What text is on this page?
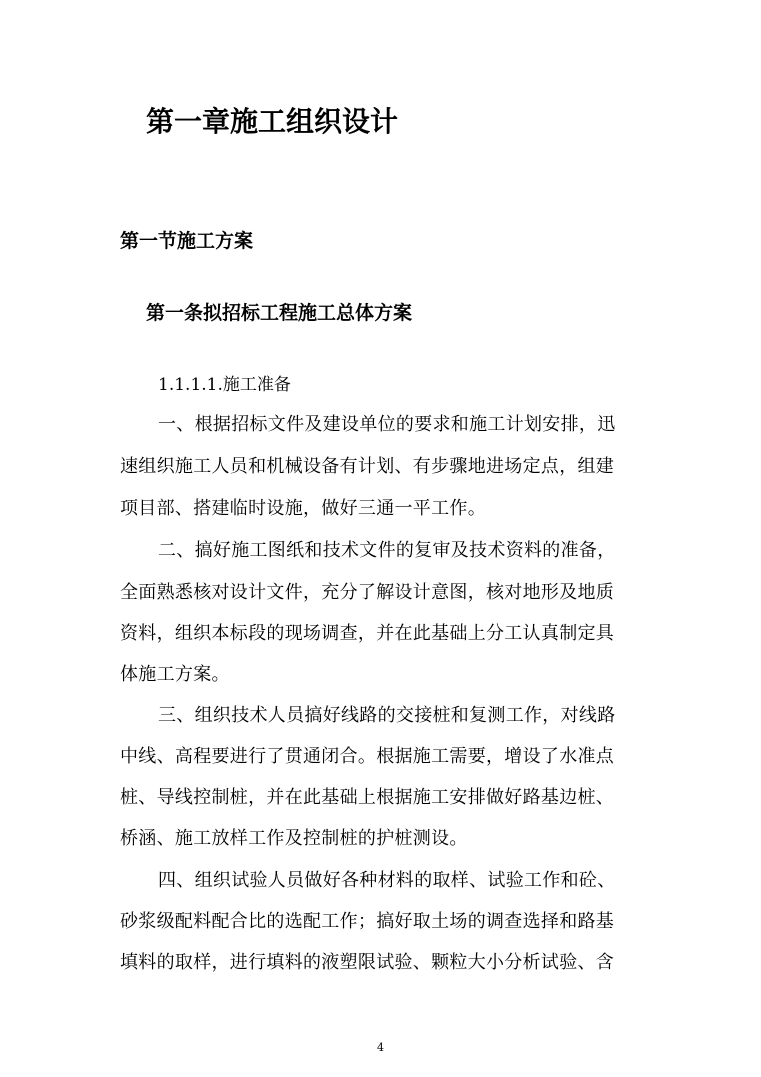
第一章施工组织设计
第一节施工方案
第一条拟招标工程施工总体方案
1.1.1.1.施工准备
一、根据招标文件及建设单位的要求和施工计划安排，迅
速组织施工人员和机械设备有计划、有步骤地进场定点，组建
项目部、搭建临时设施，做好三通一平工作。
二、搞好施工图纸和技术文件的复审及技术资料的准备，
全面熟悉核对设计文件，充分了解设计意图，核对地形及地质
资料，组织本标段的现场调查，并在此基础上分工认真制定具
体施工方案。
三、组织技术人员搞好线路的交接桩和复测工作，对线路
中线、高程要进行了贯通闭合。根据施工需要，增设了水准点
桩、导线控制桩，并在此基础上根据施工安排做好路基边桩、
桥涵、施工放样工作及控制桩的护桩测设。
四、组织试验人员做好各种材料的取样、试验工作和砼、
砂浆级配料配合比的选配工作；搞好取土场的调查选择和路基
填料的取样，进行填料的液塑限试验、颗粒大小分析试验、含
4
